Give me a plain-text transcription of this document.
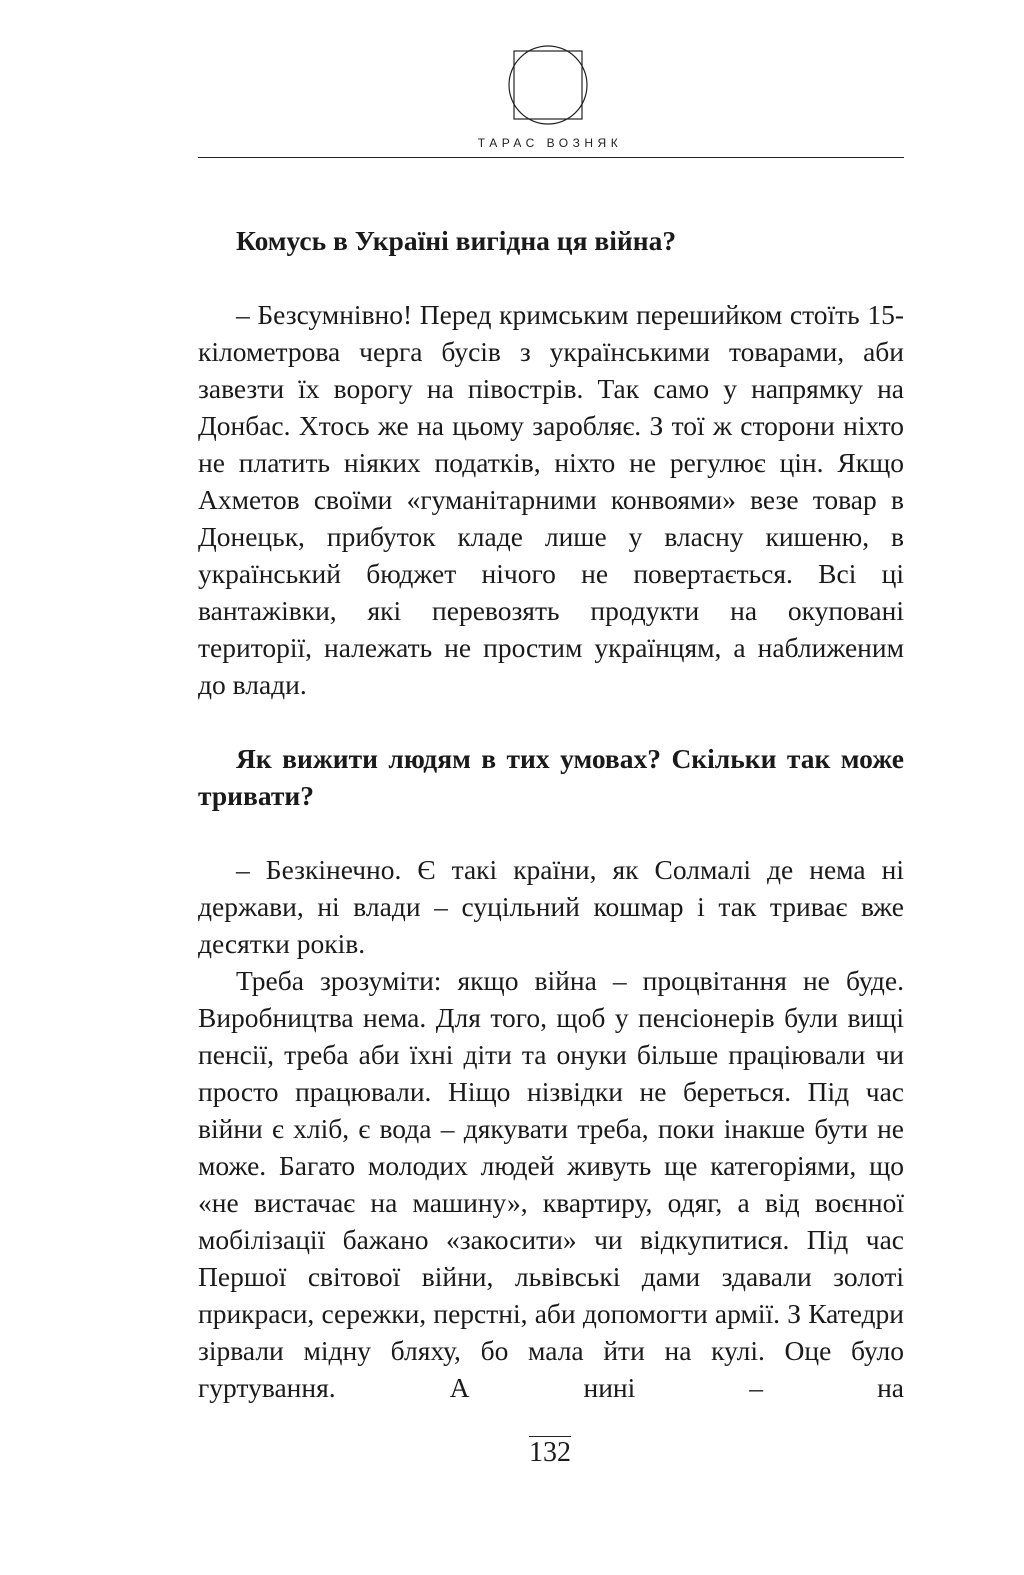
ТАРАС ВОЗНЯК

Комусь в Україні вигідна ця війна?

– Безсумнівно! Перед кримським перешийком стоїть 15-кілометрова черга бусів з українськими товарами, аби завезти їх ворогу на півострів. Так само у напрямку на Донбас. Хтось же на цьому заробляє. З тої ж сторони ніхто не платить ніяких податків, ніхто не регулює цін. Якщо Ахметов своїми «гуманітарними конвоями» везе товар в Донецьк, прибуток кладе лише у власну кишеню, в український бюджет нічого не повертається. Всі ці вантажівки, які перевозять продукти на окуповані території, належать не простим українцям, а наближеним до влади.

Як вижити людям в тих умовах? Скільки так може тривати?

– Безкінечно. Є такі країни, як Солмалі де нема ні держави, ні влади – суцільний кошмар і так триває вже десятки років.

Треба зрозуміти: якщо війна – процвітання не буде. Виробництва нема. Для того, щоб у пенсіонерів були вищі пенсії, треба аби їхні діти та онуки більше праціювали чи просто працювали. Ніщо нізвідки не береться. Під час війни є хліб, є вода – дякувати треба, поки інакше бути не може. Багато молодих людей живуть ще категоріями, що «не вистачає на машину», квартиру, одяг, а від воєнної мобілізації бажано «закосити» чи відкупитися. Під час Першої світової війни, львівські дами здавали золоті прикраси, сережки, перстні, аби допомогти армії. З Катедри зірвали мідну бляху, бо мала йти на кулі. Оце було гуртування. А нині – на

132
